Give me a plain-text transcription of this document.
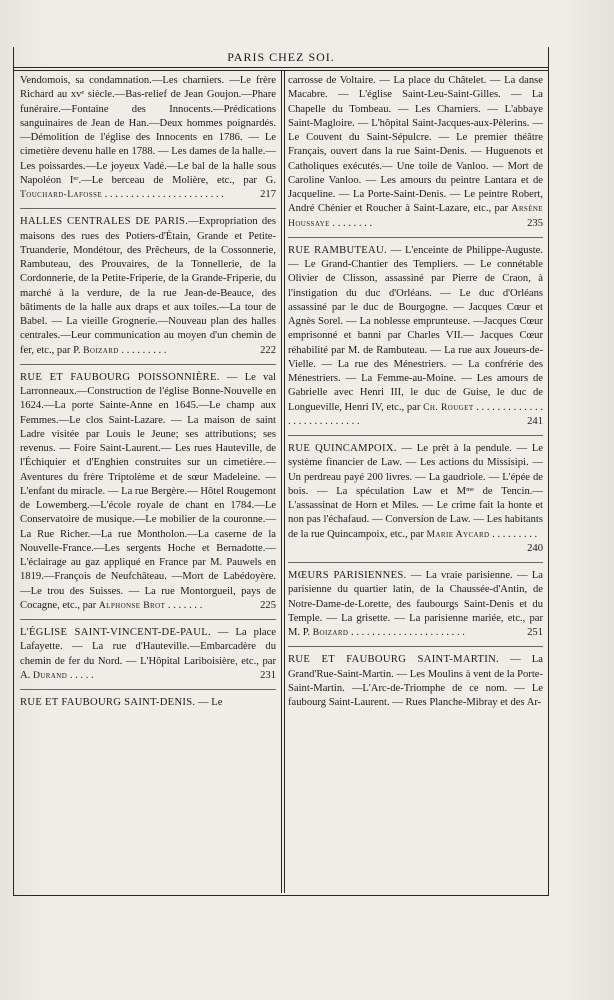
PARIS CHEZ SOI.

Vendomois, sa condamnation.—Les charniers. —Le frère Richard au xvᵉ siècle.—Bas-relief de Jean Goujon.—Phare funéraire.—Fontaine des Innocents.—Prédications sanguinaires de Jean de Han.—Deux hommes poignardés.—Démolition de l'église des Innocents en 1786. — Le cimetière devenu halle en 1788. — Les dames de la halle.—Les poissardes.—Le joyeux Vadé.—Le bal de la halle sous Napoléon Iᵉʳ.—Le berceau de Molière, etc., par G. Touchard-Lafosse . . . . . . . . . . . . . . . . . . . . . . .	217

HALLES CENTRALES DE PARIS.—Expropriation des maisons des rues des Potiers-d'Étain, Grande et Petite-Truanderie, Mondétour, des Prêcheurs, de la Cossonnerie, Rambuteau, des Prouvaires, de la Tonnellerie, de la Cordonnerie, de la Petite-Friperie, de la Grande-Friperie, du marché à la verdure, de la rue Jean-de-Beauce, des bâtiments de la halle aux draps et aux toiles.—La tour de Babel. — La vieille Grognerie.—Nouveau plan des halles centrales.—Leur communication au moyen d'un chemin de fer, etc., par P. Boizard . . . . . . . . .	222

RUE ET FAUBOURG POISSONNIÈRE. — Le val Larronneaux.—Construction de l'église Bonne-Nouvelle en 1624.—La porte Sainte-Anne en 1645.—Le champ aux Femmes.—Le clos Saint-Lazare. — La maison de saint Ladre visitée par Louis le Jeune; ses attributions; ses revenus. — Foire Saint-Laurent.— Les rues Hauteville, de l'Échiquier et d'Enghien construites sur un cimetière.—Aventures du frère Triptolème et de sœur Madeleine. —L'enfant du miracle. — La rue Bergère.— Hôtel Rougemont de Lowemberg.—L'école royale de chant en 1784.—Le Conservatoire de musique.—Le mobilier de la couronne.—La Rue Richer.—La rue Montholon.—La caserne de la Nouvelle-France.—Les sergents Hoche et Bernadotte.—L'éclairage au gaz appliqué en France par M. Pauwels en 1819.—François de Neufchâteau. —Mort de Labédoyère. —Le trou des Suisses. — La rue Montorgueil, pays de Cocagne, etc., par Alphonse Brot . . . . . . .	225

L'ÉGLISE SAINT-VINCENT-DE-PAUL. — La place Lafayette. — La rue d'Hauteville.—Embarcadère du chemin de fer du Nord. — L'Hôpital Lariboisière, etc., par A. Durand . . . . .	231

RUE ET FAUBOURG SAINT-DENIS. — Le

carrosse de Voltaire. — La place du Châtelet. — La danse Macabre. — L'église Saint-Leu-Saint-Gilles. — La Chapelle du Tombeau. — Les Charniers. — L'abbaye Saint-Magloire. — L'hôpital Saint-Jacques-aux-Pèlerins. — Le Couvent du Saint-Sépulcre. — Le premier théâtre Français, ouvert dans la rue Saint-Denis. — Huguenots et Catholiques exécutés.— Une toile de Vanloo. — Mort de Caroline Vanloo. — Les amours du peintre Lantara et de Jacqueline. — La Porte-Saint-Denis. — Le peintre Robert, André Chénier et Roucher à Saint-Lazare, etc., par Arsène Houssaye . . . . . . . .	235

RUE RAMBUTEAU. — L'enceinte de Philippe-Auguste. — Le Grand-Chantier des Templiers. — Le connétable Olivier de Clisson, assassiné par Pierre de Craon, à l'instigation du duc d'Orléans. — Le duc d'Orléans assassiné par le duc de Bourgogne. — Jacques Cœur et Agnès Sorel. — La noblesse emprunteuse. —Jacques Cœur emprisonné et banni par Charles VII.— Jacques Cœur réhabilité par M. de Rambuteau. — La rue aux Joueurs-de-Vielle. — La rue des Ménestriers. — La confrérie des Ménestriers. — La Femme-au-Moine. — Les amours de Gabrielle avec Henri III, le duc de Guise, le duc de Longueville, Henri IV, etc., par Ch. Rouget . . . . . . . . . . . . . . . . . . . . . . . . . . .	241

RUE QUINCAMPOIX. — Le prêt à la pendule. — Le système financier de Law. — Les actions du Missisipi. — Un perdreau payé 200 livres. — La gaudriole. — L'épée de bois. — La spéculation Law et Mᵐᵉ de Tencin.—L'assassinat de Horn et Miles. — Le crime fait la honte et non pas l'échafaud. — Conversion de Law. — Les habitants de la rue Quincampoix, etc., par Marie Aycard . . . . . . . . .
240

MŒURS PARISIENNES. — La vraie parisienne. — La parisienne du quartier latin, de la Chaussée-d'Antin, de Notre-Dame-de-Lorette, des faubourgs Saint-Denis et du Temple. — La grisette. — La parisienne mariée, etc., par M. P. Boizard . . . . . . . . . . . . . . . . . . . . . .	251

RUE ET FAUBOURG SAINT-MARTIN. — La Grand'Rue-Saint-Martin. — Les Moulins à vent de la Porte-Saint-Martin. —L'Arc-de-Triomphe de ce nom. — Le faubourg Saint-Laurent. — Rues Planche-Mibray et des Ar-
